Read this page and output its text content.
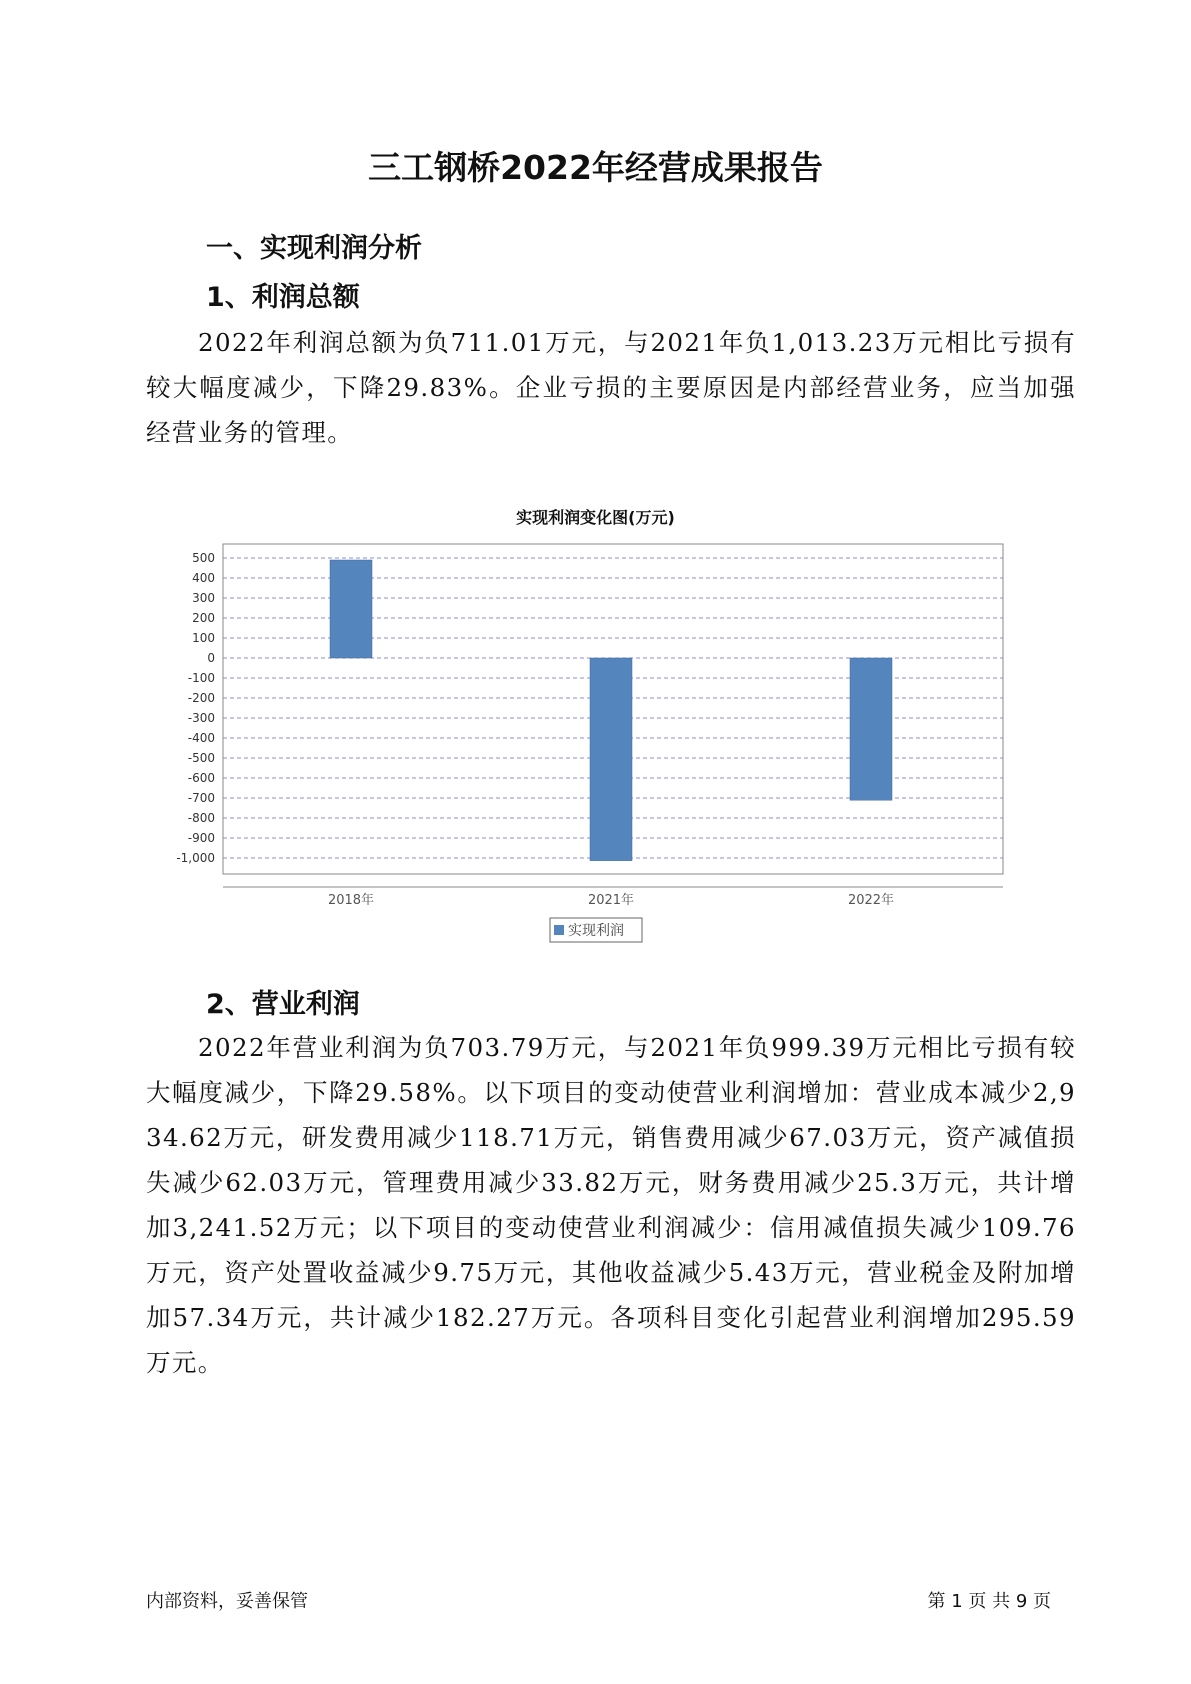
三工钢桥2022年经营成果报告
一、实现利润分析
1、利润总额

2022年利润总额为负711.01万元，与2021年负1,013.23万元相比亏损有较大幅度减少，下降29.83%。企业亏损的主要原因是内部经营业务，应当加强经营业务的管理。

实现利润变化图(万元)
500
400
300
200
100
0
-100
-200
-300
-400
-500
-600
-700
-800
-900
-1,000
2018年	2021年	2022年
实现利润
2、营业利润

2022年营业利润为负703.79万元，与2021年负999.39万元相比亏损有较大幅度减少，下降29.58%。以下项目的变动使营业利润增加：营业成本减少2,934.62万元，研发费用减少118.71万元，销售费用减少67.03万元，资产减值损失减少62.03万元，管理费用减少33.82万元，财务费用减少25.3万元，共计增加3,241.52万元；以下项目的变动使营业利润减少：信用减值损失减少109.76万元，资产处置收益减少9.75万元，其他收益减少5.43万元，营业税金及附加增加57.34万元，共计减少182.27万元。各项科目变化引起营业利润增加295.59万元。

内部资料，妥善保管	第 1 页 共 9 页
